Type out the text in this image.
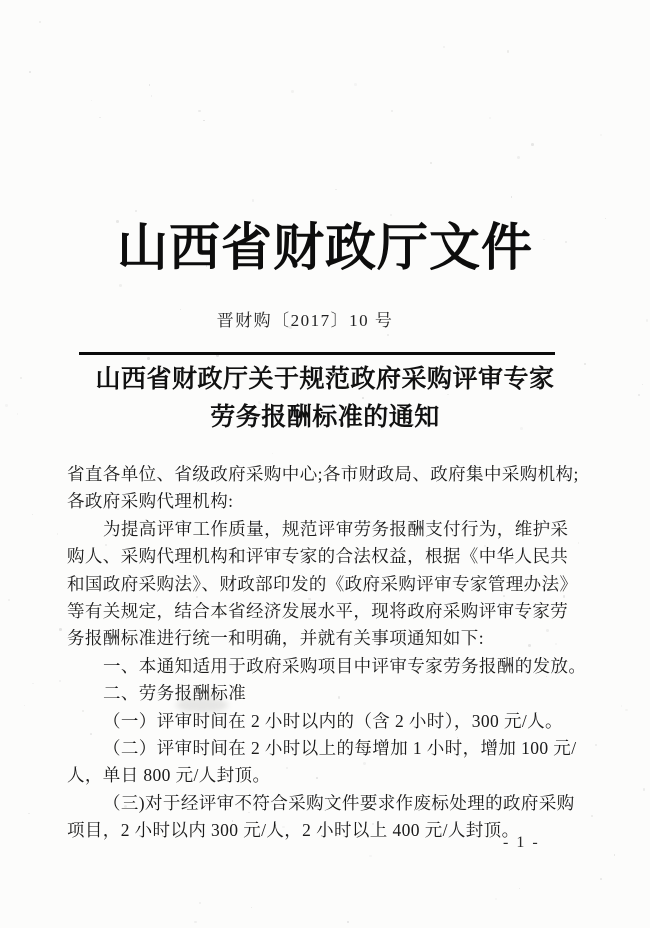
山西省财政厅文件
晋财购〔2017〕10 号
山西省财政厅关于规范政府采购评审专家
劳务报酬标准的通知
省直各单位、省级政府采购中心;各市财政局、政府集中采购机构;
各政府采购代理机构:
为提高评审工作质量，规范评审劳务报酬支付行为，维护采
购人、采购代理机构和评审专家的合法权益，根据《中华人民共
和国政府采购法》、财政部印发的《政府采购评审专家管理办法》
等有关规定，结合本省经济发展水平，现将政府采购评审专家劳
务报酬标准进行统一和明确，并就有关事项通知如下:
一、本通知适用于政府采购项目中评审专家劳务报酬的发放。
二、劳务报酬标准
（一）评审时间在 2 小时以内的（含 2 小时），300 元/人。
（二）评审时间在 2 小时以上的每增加 1 小时，增加 100 元/
人，单日 800 元/人封顶。
（三)对于经评审不符合采购文件要求作废标处理的政府采购
项目，2 小时以内 300 元/人，2 小时以上 400 元/人封顶。
- 1 -
